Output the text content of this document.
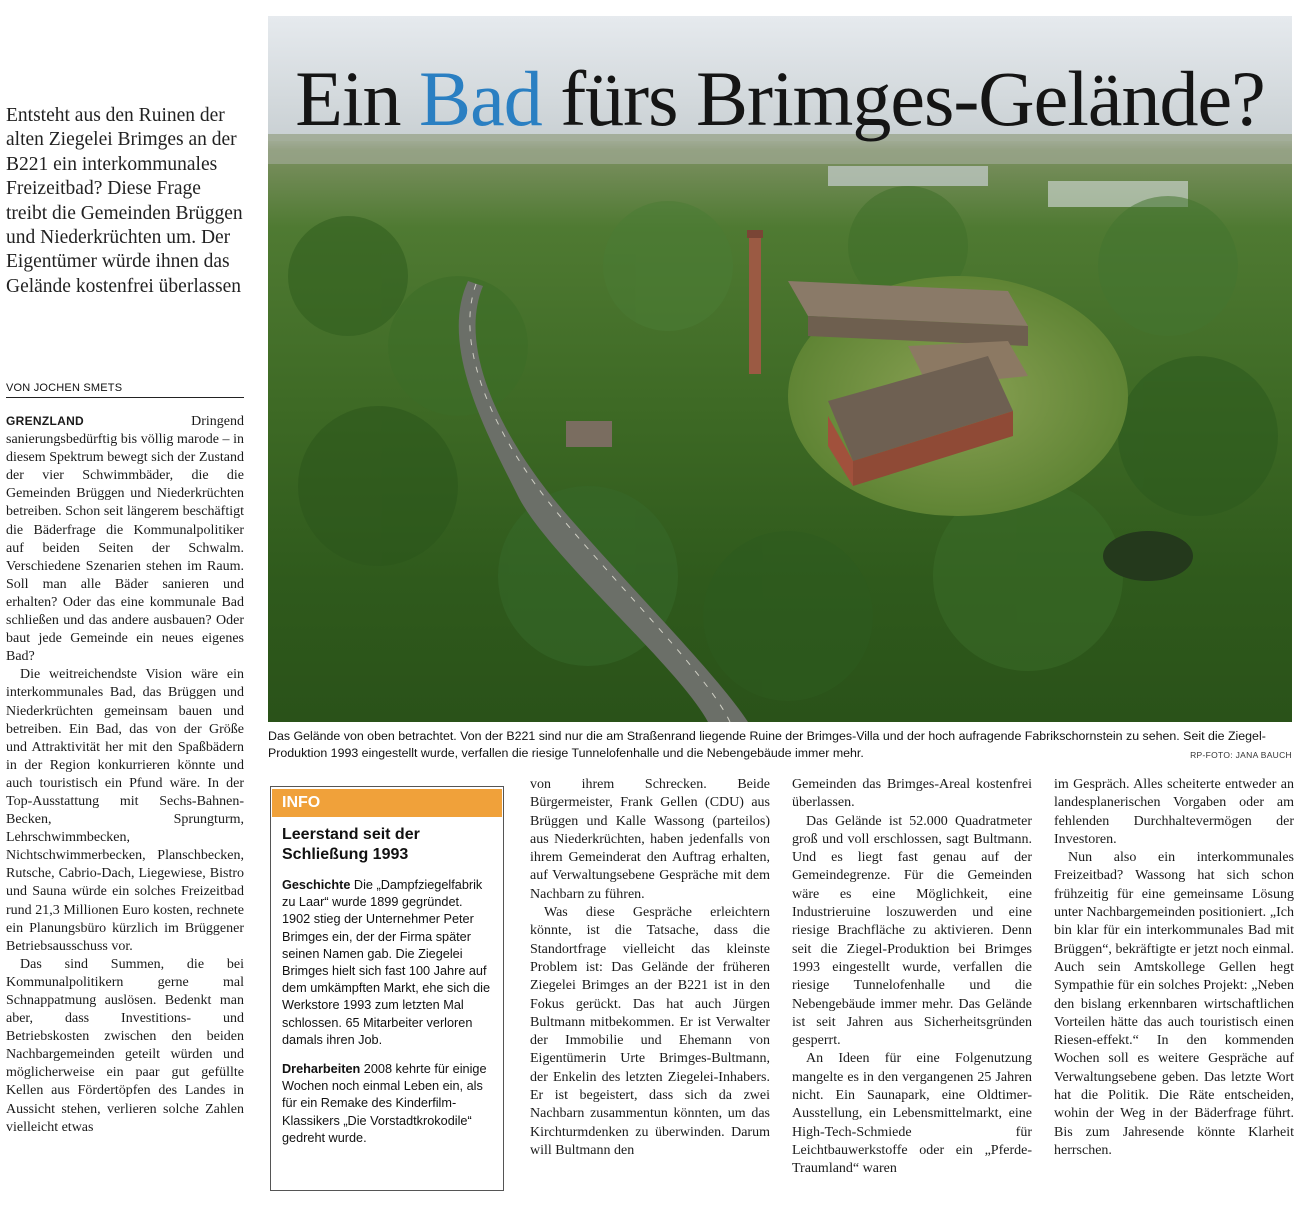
Entsteht aus den Ruinen der alten Ziegelei Brimges an der B221 ein interkommunales Freizeitbad? Diese Frage treibt die Gemeinden Brüggen und Niederkrüchten um. Der Eigentümer würde ihnen das Gelände kostenfrei überlassen
VON JOCHEN SMETS

GRENZLAND	Dringend sanierungsbedürftig bis völlig marode – in diesem Spektrum bewegt sich der Zustand der vier Schwimmbäder, die die Gemeinden Brüggen und Niederkrüchten betreiben. Schon seit längerem beschäftigt die Bäderfrage die Kommunalpolitiker auf beiden Seiten der Schwalm. Verschiedene Szenarien stehen im Raum. Soll man alle Bäder sanieren und erhalten? Oder das eine kommunale Bad schließen und das andere ausbauen? Oder baut jede Gemeinde ein neues eigenes Bad?

Die weitreichendste Vision wäre ein interkommunales Bad, das Brüggen und Niederkrüchten gemeinsam bauen und betreiben. Ein Bad, das von der Größe und Attraktivität her mit den Spaßbädern in der Region konkurrieren könnte und auch touristisch ein Pfund wäre. In der Top-Ausstattung mit Sechs-Bahnen-Becken, Sprungturm, Lehrschwimmbecken, Nichtschwimmerbecken, Planschbecken, Rutsche, Cabrio-Dach, Liegewiese, Bistro und Sauna würde ein solches Freizeitbad rund 21,3 Millionen Euro kosten, rechnete ein Planungsbüro kürzlich im Brüggener Betriebsausschuss vor.

Das sind Summen, die bei Kommunalpolitikern gerne mal Schnappatmung auslösen. Bedenkt man aber, dass Investitions- und Betriebskosten zwischen den beiden Nachbargemeinden geteilt würden und möglicherweise ein paar gut gefüllte Kellen aus Fördertöpfen des Landes in Aussicht stehen, verlieren solche Zahlen vielleicht etwas

Ein Bad fürs Brimges-Gelände?
Das Gelände von oben betrachtet. Von der B221 sind nur die am Straßenrand liegende Ruine der Brimges-Villa und der hoch aufragende Fabrikschornstein zu sehen. Seit die Ziegel-Produktion 1993 eingestellt wurde, verfallen die riesige Tunnelofenhalle und die Nebengebäude immer mehr.	RP-FOTO: JANA BAUCH
INFO
Leerstand seit der Schließung 1993

Geschichte Die „Dampfziegelfabrik zu Laar“ wurde 1899 gegründet. 1902 stieg der Unternehmer Peter Brimges ein, der der Firma später seinen Namen gab. Die Ziegelei Brimges hielt sich fast 100 Jahre auf dem umkämpften Markt, ehe sich die Werkstore 1993 zum letzten Mal schlossen. 65 Mitarbeiter verloren damals ihren Job.

Dreharbeiten 2008 kehrte für einige Wochen noch einmal Leben ein, als für ein Remake des Kinderfilm-Klassikers „Die Vorstadtkrokodile“ gedreht wurde.

von ihrem Schrecken. Beide Bürgermeister, Frank Gellen (CDU) aus Brüggen und Kalle Wassong (parteilos) aus Niederkrüchten, haben jedenfalls von ihrem Gemeinderat den Auftrag erhalten, auf Verwaltungsebene Gespräche mit dem Nachbarn zu führen.

Was diese Gespräche erleichtern könnte, ist die Tatsache, dass die Standortfrage vielleicht das kleinste Problem ist: Das Gelände der früheren Ziegelei Brimges an der B221 ist in den Fokus gerückt. Das hat auch Jürgen Bultmann mitbekommen. Er ist Verwalter der Immobilie und Ehemann von Eigentümerin Urte Brimges-Bultmann, der Enkelin des letzten Ziegelei-Inhabers. Er ist begeistert, dass sich da zwei Nachbarn zusammentun könnten, um das Kirchturmdenken zu überwinden. Darum will Bultmann den

Gemeinden das Brimges-Areal kostenfrei überlassen.

Das Gelände ist 52.000 Quadratmeter groß und voll erschlossen, sagt Bultmann. Und es liegt fast genau auf der Gemeindegrenze. Für die Gemeinden wäre es eine Möglichkeit, eine Industrieruine loszuwerden und eine riesige Brachfläche zu aktivieren. Denn seit die Ziegel-Produktion bei Brimges 1993 eingestellt wurde, verfallen die riesige Tunnelofenhalle und die Nebengebäude immer mehr. Das Gelände ist seit Jahren aus Sicherheitsgründen gesperrt.

An Ideen für eine Folgenutzung mangelte es in den vergangenen 25 Jahren nicht. Ein Saunapark, eine Oldtimer-Ausstellung, ein Lebensmittelmarkt, eine High-Tech-Schmiede für Leichtbauwerkstoffe oder ein „Pferde-Traumland“ waren

im Gespräch. Alles scheiterte entweder an landesplanerischen Vorgaben oder am fehlenden Durchhaltevermögen der Investoren.

Nun also ein interkommunales Freizeitbad? Wassong hat sich schon frühzeitig für eine gemeinsame Lösung unter Nachbargemeinden positioniert. „Ich bin klar für ein interkommunales Bad mit Brüggen“, bekräftigte er jetzt noch einmal. Auch sein Amtskollege Gellen hegt Sympathie für ein solches Projekt: „Neben den bislang erkennbaren wirtschaftlichen Vorteilen hätte das auch touristisch einen Riesen-effekt.“ In den kommenden Wochen soll es weitere Gespräche auf Verwaltungsebene geben. Das letzte Wort hat die Politik. Die Räte entscheiden, wohin der Weg in der Bäderfrage führt. Bis zum Jahresende könnte Klarheit herrschen.
